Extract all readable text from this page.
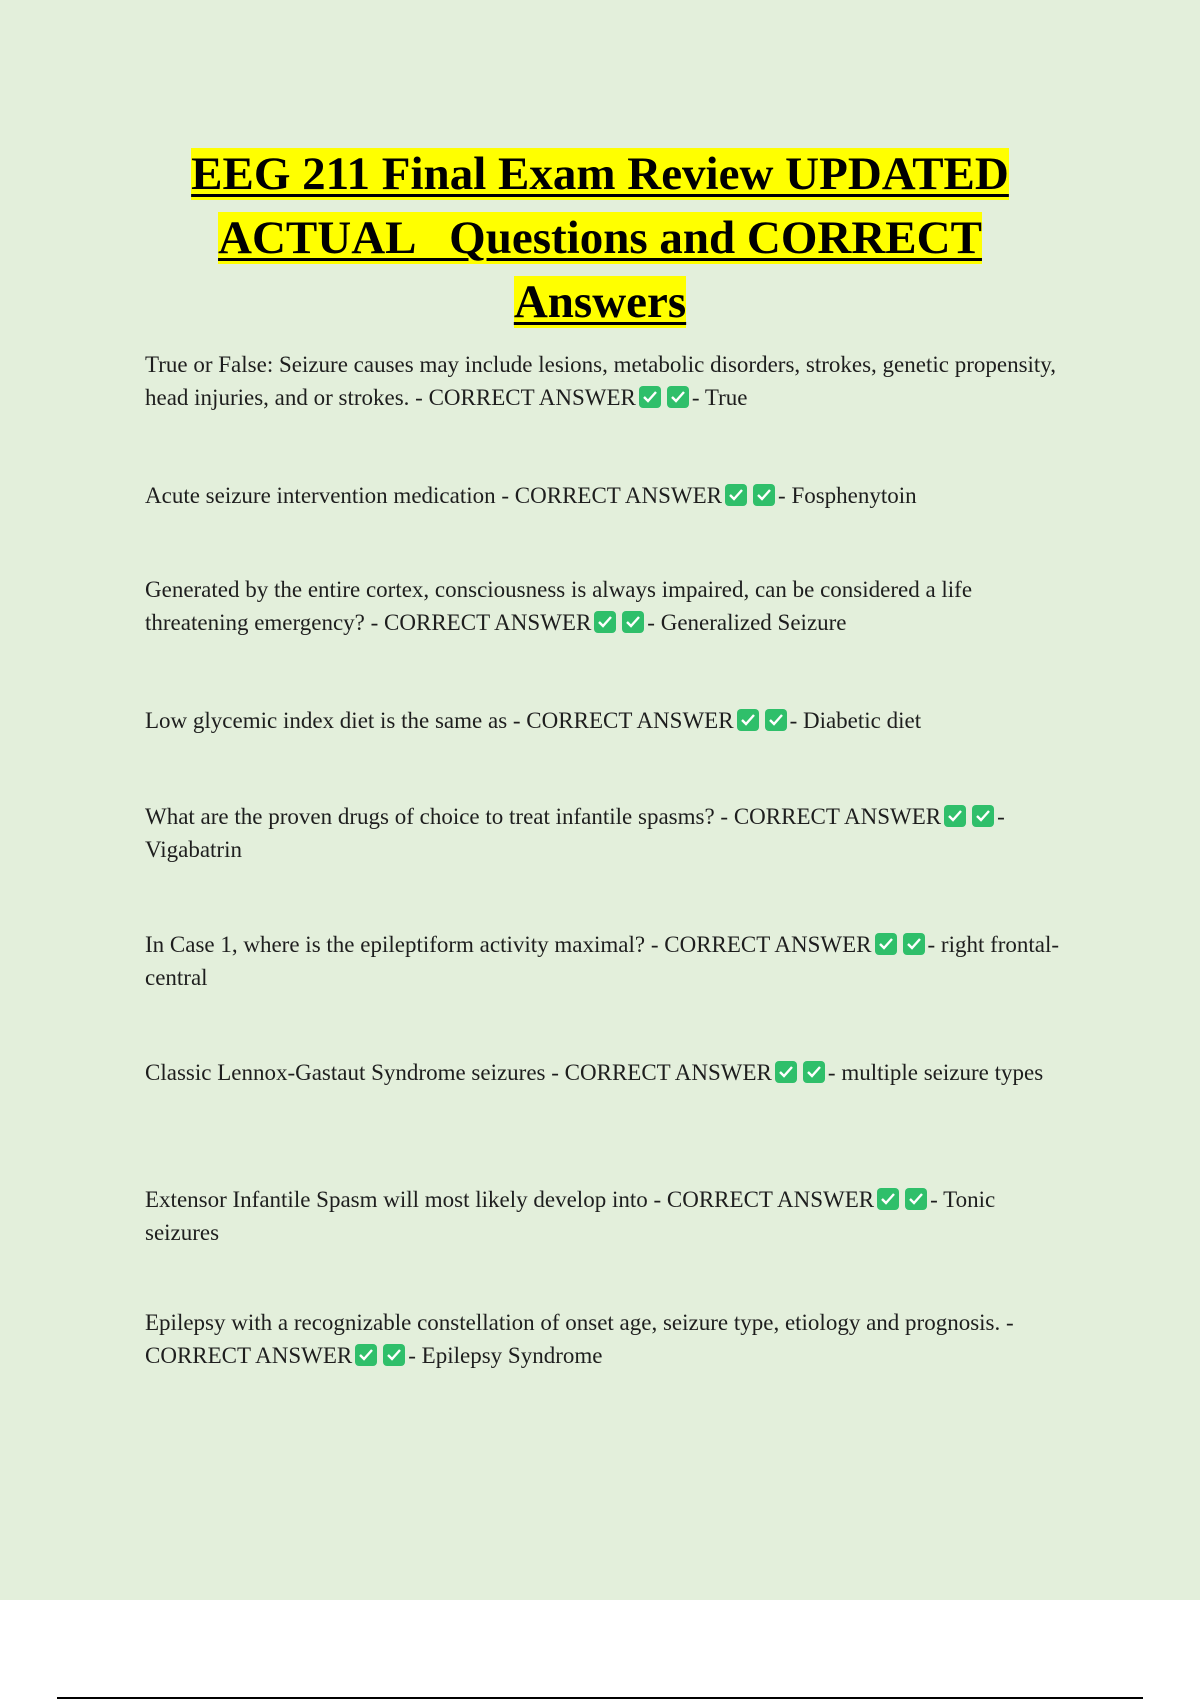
EEG 211 Final Exam Review UPDATED
ACTUAL   Questions and CORRECT
Answers

True or False: Seizure causes may include lesions, metabolic disorders, strokes, genetic propensity, head injuries, and or strokes. - CORRECT ANSWER - True

Acute seizure intervention medication - CORRECT ANSWER - Fosphenytoin

Generated by the entire cortex, consciousness is always impaired, can be considered a life threatening emergency? - CORRECT ANSWER - Generalized Seizure

Low glycemic index diet is the same as - CORRECT ANSWER - Diabetic diet

What are the proven drugs of choice to treat infantile spasms? - CORRECT ANSWER - Vigabatrin

In Case 1, where is the epileptiform activity maximal? - CORRECT ANSWER - right frontal-central

Classic Lennox-Gastaut Syndrome seizures - CORRECT ANSWER - multiple seizure types

Extensor Infantile Spasm will most likely develop into - CORRECT ANSWER - Tonic seizures

Epilepsy with a recognizable constellation of onset age, seizure type, etiology and prognosis. - CORRECT ANSWER - Epilepsy Syndrome
